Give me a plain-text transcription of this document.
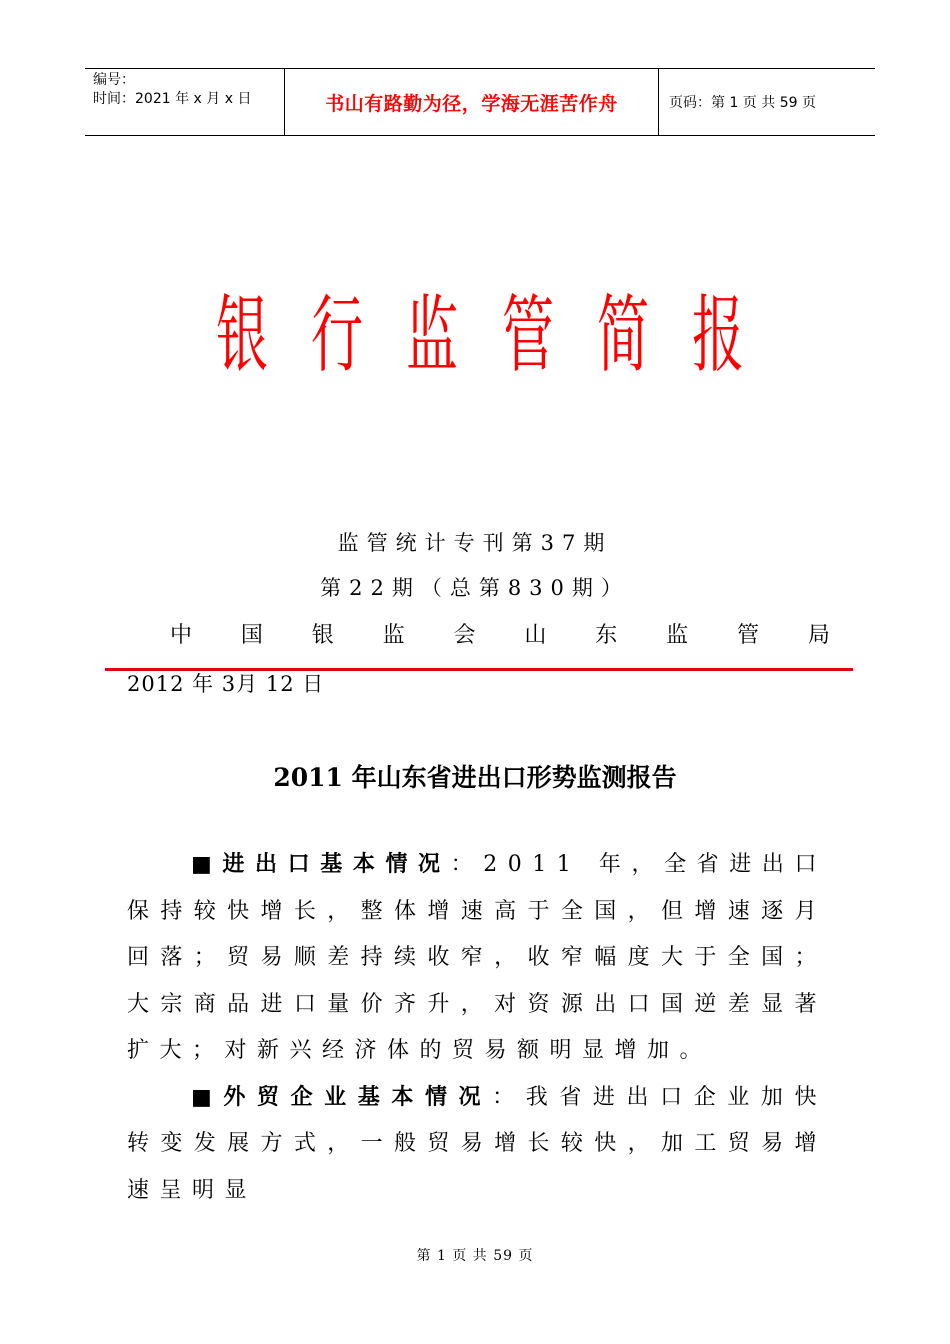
编号：
时间：2021 年 x 月 x 日	书山有路勤为径，学海无涯苦作舟	页码：第 1 页 共 59 页
银 行 监 管 简 报
监管统计专刊第37期
第22期（总第830期）
中 国 银 监 会 山 东 监 管 局
2012 年 3月 12 日
2011 年山东省进出口形势监测报告

■进出口基本情况：2011 年，全省进出口保持较快增长，整体增速高于全国，但增速逐月回落；贸易顺差持续收窄，收窄幅度大于全国；大宗商品进口量价齐升，对资源出口国逆差显著扩大；对新兴经济体的贸易额明显增加。

■外贸企业基本情况：我省进出口企业加快转变发展方式，一般贸易增长较快，加工贸易增速呈明显

第 1 页 共 59 页
